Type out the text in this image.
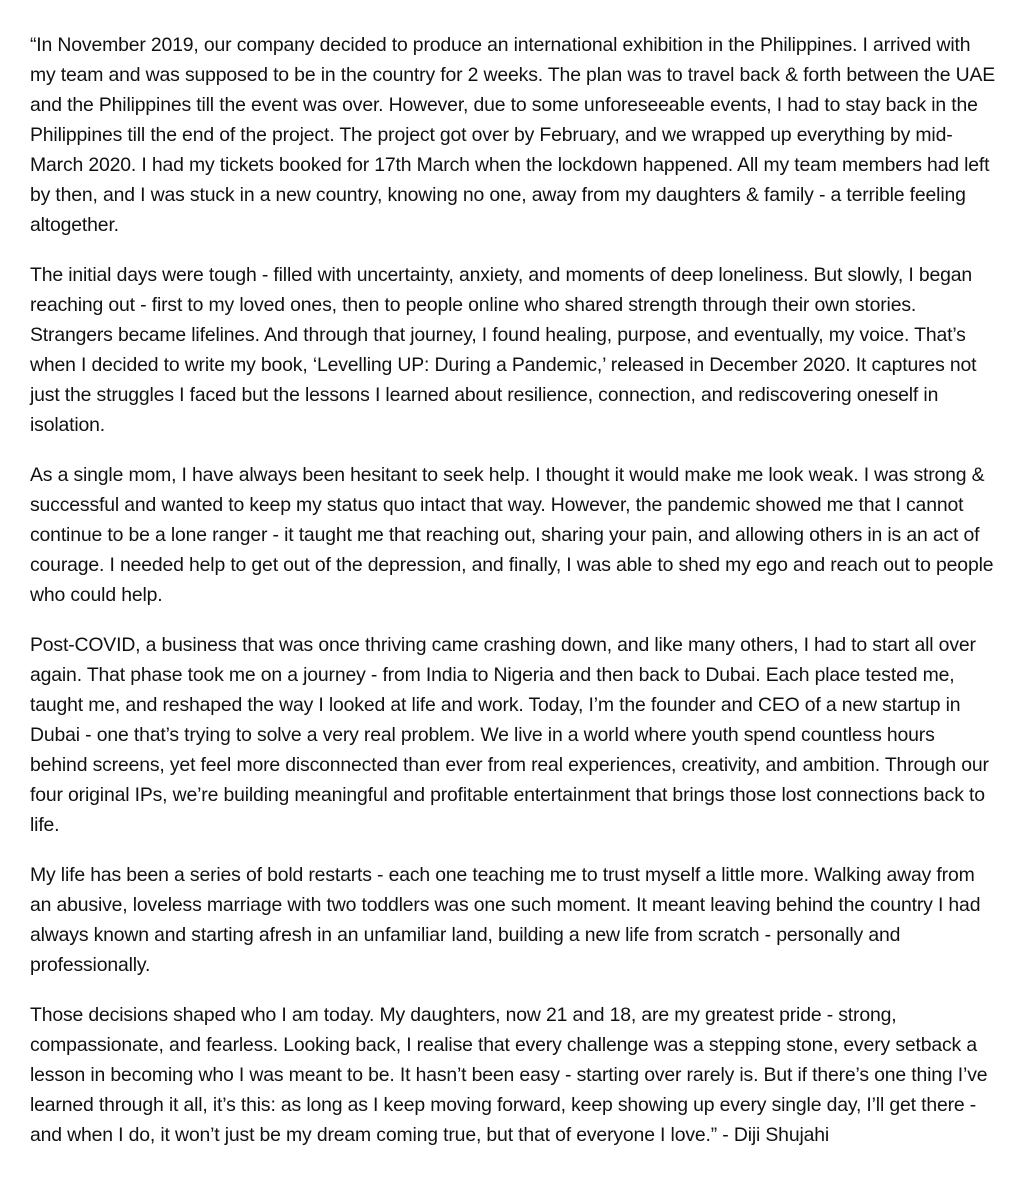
“In November 2019, our company decided to produce an international exhibition in the Philippines. I arrived with my team and was supposed to be in the country for 2 weeks. The plan was to travel back & forth between the UAE and the Philippines till the event was over. However, due to some unforeseeable events, I had to stay back in the Philippines till the end of the project. The project got over by February, and we wrapped up everything by mid-March 2020. I had my tickets booked for 17th March when the lockdown happened. All my team members had left by then, and I was stuck in a new country, knowing no one, away from my daughters & family - a terrible feeling altogether.

The initial days were tough - filled with uncertainty, anxiety, and moments of deep loneliness. But slowly, I began reaching out - first to my loved ones, then to people online who shared strength through their own stories. Strangers became lifelines. And through that journey, I found healing, purpose, and eventually, my voice. That’s when I decided to write my book, ‘Levelling UP: During a Pandemic,’ released in December 2020. It captures not just the struggles I faced but the lessons I learned about resilience, connection, and rediscovering oneself in isolation.

As a single mom, I have always been hesitant to seek help. I thought it would make me look weak. I was strong & successful and wanted to keep my status quo intact that way. However, the pandemic showed me that I cannot continue to be a lone ranger - it taught me that reaching out, sharing your pain, and allowing others in is an act of courage. I needed help to get out of the depression, and finally, I was able to shed my ego and reach out to people who could help.

Post-COVID, a business that was once thriving came crashing down, and like many others, I had to start all over again. That phase took me on a journey - from India to Nigeria and then back to Dubai. Each place tested me, taught me, and reshaped the way I looked at life and work. Today, I’m the founder and CEO of a new startup in Dubai - one that’s trying to solve a very real problem. We live in a world where youth spend countless hours behind screens, yet feel more disconnected than ever from real experiences, creativity, and ambition. Through our four original IPs, we’re building meaningful and profitable entertainment that brings those lost connections back to life.

My life has been a series of bold restarts - each one teaching me to trust myself a little more. Walking away from an abusive, loveless marriage with two toddlers was one such moment. It meant leaving behind the country I had always known and starting afresh in an unfamiliar land, building a new life from scratch - personally and professionally.

Those decisions shaped who I am today. My daughters, now 21 and 18, are my greatest pride - strong, compassionate, and fearless. Looking back, I realise that every challenge was a stepping stone, every setback a lesson in becoming who I was meant to be. It hasn’t been easy - starting over rarely is. But if there’s one thing I’ve learned through it all, it’s this: as long as I keep moving forward, keep showing up every single day, I’ll get there - and when I do, it won’t just be my dream coming true, but that of everyone I love.” - Diji Shujahi
